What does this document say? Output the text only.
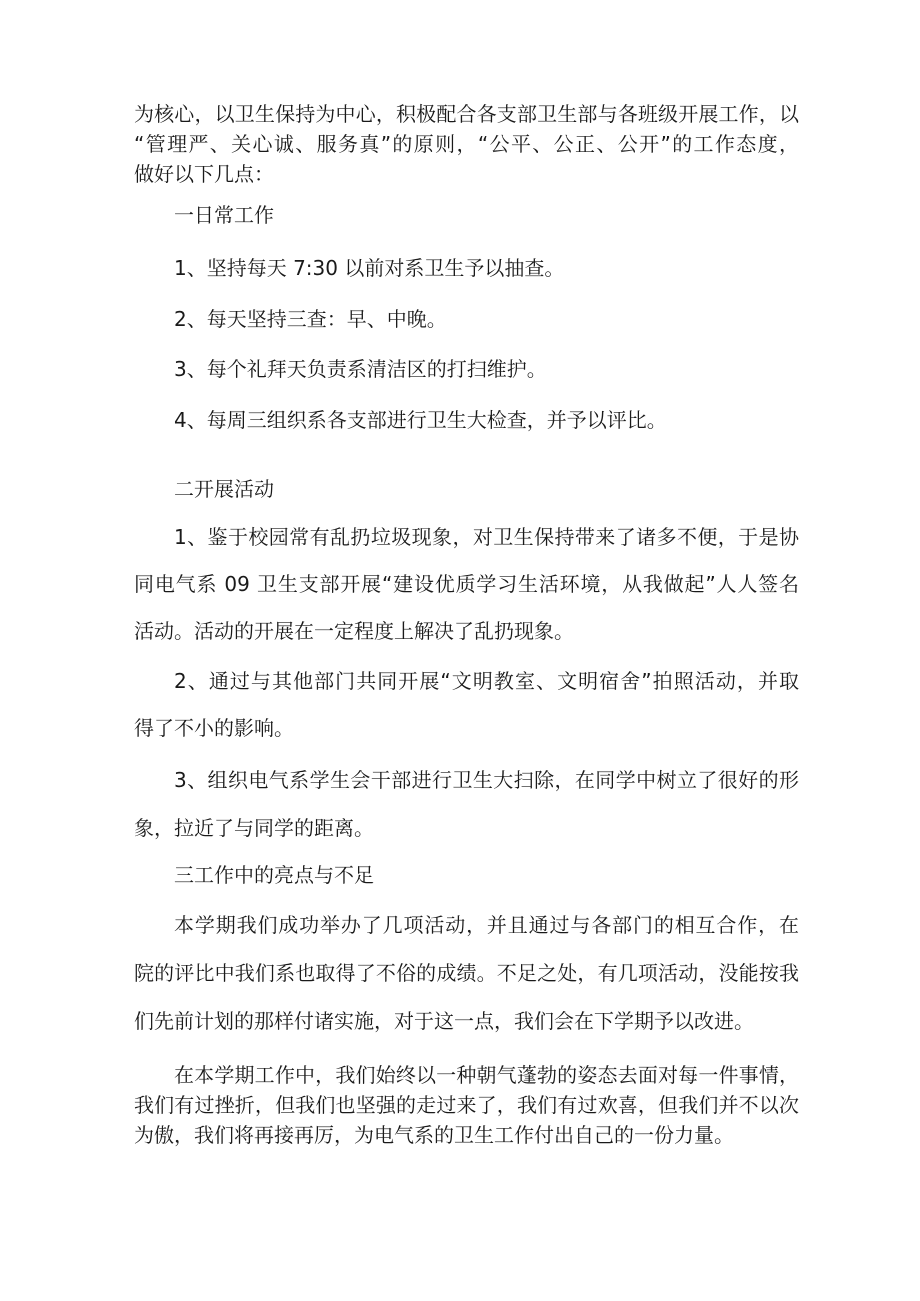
为核心，以卫生保持为中心，积极配合各支部卫生部与各班级开展工作，以

“管理严、关心诚、服务真”的原则，“公平、公正、公开”的工作态度，

做好以下几点：

一日常工作

1、坚持每天 7:30 以前对系卫生予以抽查。

2、每天坚持三查：早、中晚。

3、每个礼拜天负责系清洁区的打扫维护。

4、每周三组织系各支部进行卫生大检查，并予以评比。

二开展活动

1、鉴于校园常有乱扔垃圾现象，对卫生保持带来了诸多不便，于是协

同电气系 09 卫生支部开展“建设优质学习生活环境，从我做起”人人签名

活动。活动的开展在一定程度上解决了乱扔现象。

2、通过与其他部门共同开展“文明教室、文明宿舍”拍照活动，并取

得了不小的影响。

3、组织电气系学生会干部进行卫生大扫除，在同学中树立了很好的形

象，拉近了与同学的距离。

三工作中的亮点与不足

本学期我们成功举办了几项活动，并且通过与各部门的相互合作，在

院的评比中我们系也取得了不俗的成绩。不足之处，有几项活动，没能按我

们先前计划的那样付诸实施，对于这一点，我们会在下学期予以改进。

在本学期工作中，我们始终以一种朝气蓬勃的姿态去面对每一件事情，

我们有过挫折，但我们也坚强的走过来了，我们有过欢喜，但我们并不以次

为傲，我们将再接再厉，为电气系的卫生工作付出自己的一份力量。
